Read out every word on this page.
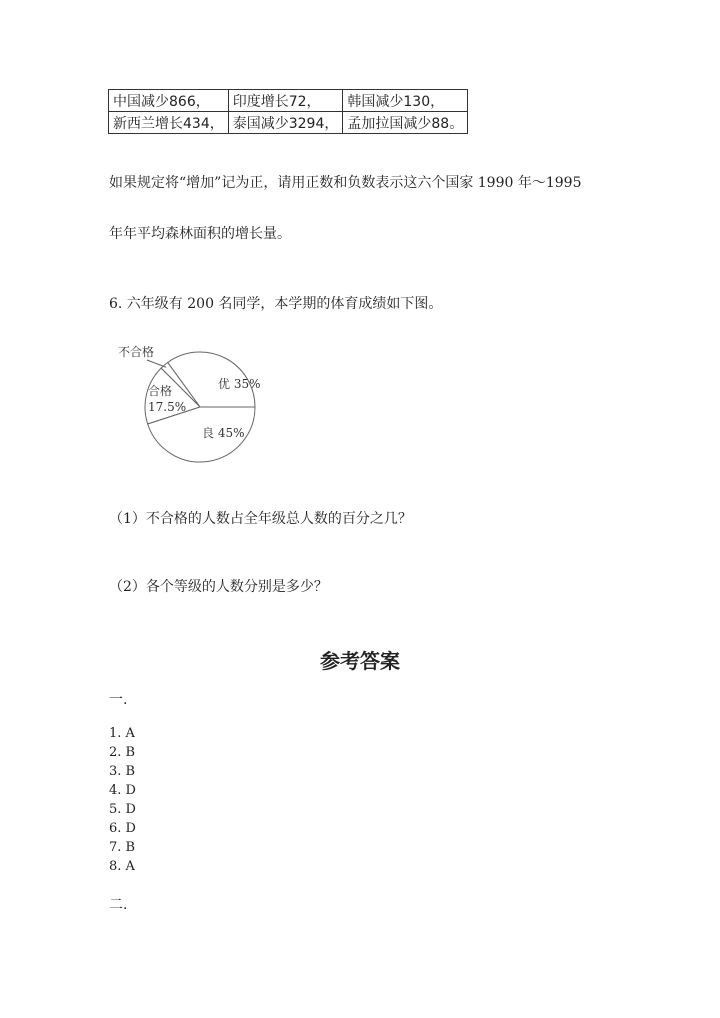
中国减少866，	印度增长72，	韩国减少130，
新西兰增长434，	泰国减少3294，	孟加拉国减少88。
如果规定将“增加”记为正，请用正数和负数表示这六个国家 1990 年～1995
年年平均森林面积的增长量。
6. 六年级有 200 名同学，本学期的体育成绩如下图。
优 35%
不合格
合格
17.5%
良 45%
（1）不合格的人数占全年级总人数的百分之几？
（2）各个等级的人数分别是多少？
参考答案
一.
1. A
2. B
3. B
4. D
5. D
6. D
7. B
8. A
二.
